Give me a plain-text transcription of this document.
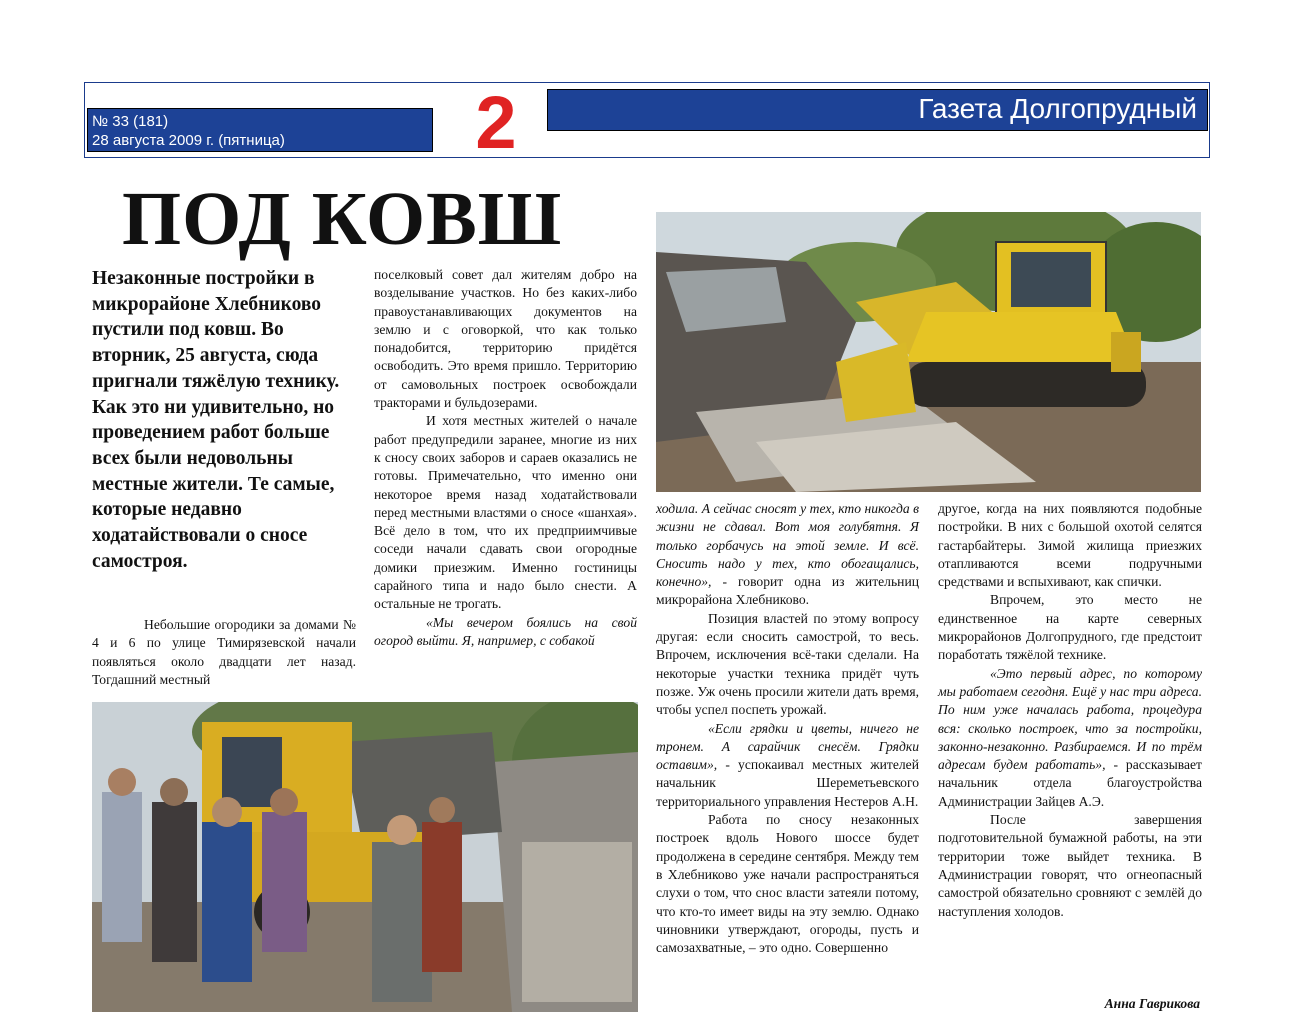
№ 33 (181)
28 августа 2009 г. (пятница)	2	Газета Долгопрудный
ПОД КОВШ
Незаконные постройки в микрорайоне Хлебниково пустили под ковш. Во вторник, 25 августа, сюда пригнали тяжёлую технику. Как это ни удивительно, но проведением работ больше всех были недовольны местные жители. Те самые, которые недавно ходатайствовали о сносе самостроя.

Небольшие огородики за домами № 4 и 6 по улице Тимирязевской начали появляться около двадцати лет назад. Тогдашний местный

поселковый совет дал жителям добро на возделывание участков. Но без каких-либо правоустанавливающих документов на землю и с оговоркой, что как только понадобится, территорию придётся освободить. Это время пришло. Территорию от самовольных построек освобождали тракторами и бульдозерами.

И хотя местных жителей о начале работ предупредили заранее, многие из них к сносу своих заборов и сараев оказались не готовы. Примечательно, что именно они некоторое время назад ходатайствовали перед местными властями о сносе «шанхая». Всё дело в том, что их предприимчивые соседи начали сдавать свои огородные домики приезжим. Именно гостиницы сарайного типа и надо было снести. А остальные не трогать.

«Мы вечером боялись на свой огород выйти. Я, например, с собакой

ходила. А сейчас сносят у тех, кто никогда в жизни не сдавал. Вот моя голубятня. Я только горбачусь на этой земле. И всё. Сносить надо у тех, кто обогащались, конечно», - говорит одна из жительниц микрорайона Хлебниково.

Позиция властей по этому вопросу другая: если сносить самострой, то весь. Впрочем, исключения всё-таки сделали. На некоторые участки техника придёт чуть позже. Уж очень просили жители дать время, чтобы успел поспеть урожай.

«Если грядки и цветы, ничего не тронем. А сарайчик снесём. Грядки оставим», - успокаивал местных жителей начальник Шереметьевского территориального управления Нестеров А.Н.

Работа по сносу незаконных построек вдоль Нового шоссе будет продолжена в середине сентября. Между тем в Хлебниково уже начали распространяться слухи о том, что снос власти затеяли потому, что кто-то имеет виды на эту землю. Однако чиновники утверждают, огороды, пусть и самозахватные, – это одно. Совершенно

другое, когда на них появляются подобные постройки. В них с большой охотой селятся гастарбайтеры. Зимой жилища приезжих отапливаются всеми подручными средствами и вспыхивают, как спички.

Впрочем, это место не единственное на карте северных микрорайонов Долгопрудного, где предстоит поработать тяжёлой технике.

«Это первый адрес, по которому мы работаем сегодня. Ещё у нас три адреса. По ним уже началась работа, процедура вся: сколько построек, что за постройки, законно-незаконно. Разбираемся. И по трём адресам будем работать», - рассказывает начальник отдела благоустройства Администрации Зайцев А.Э.

После завершения подготовительной бумажной работы, на эти территории тоже выйдет техника. В Администрации говорят, что огнеопасный самострой обязательно сровняют с землёй до наступления холодов.

Анна Гаврикова
